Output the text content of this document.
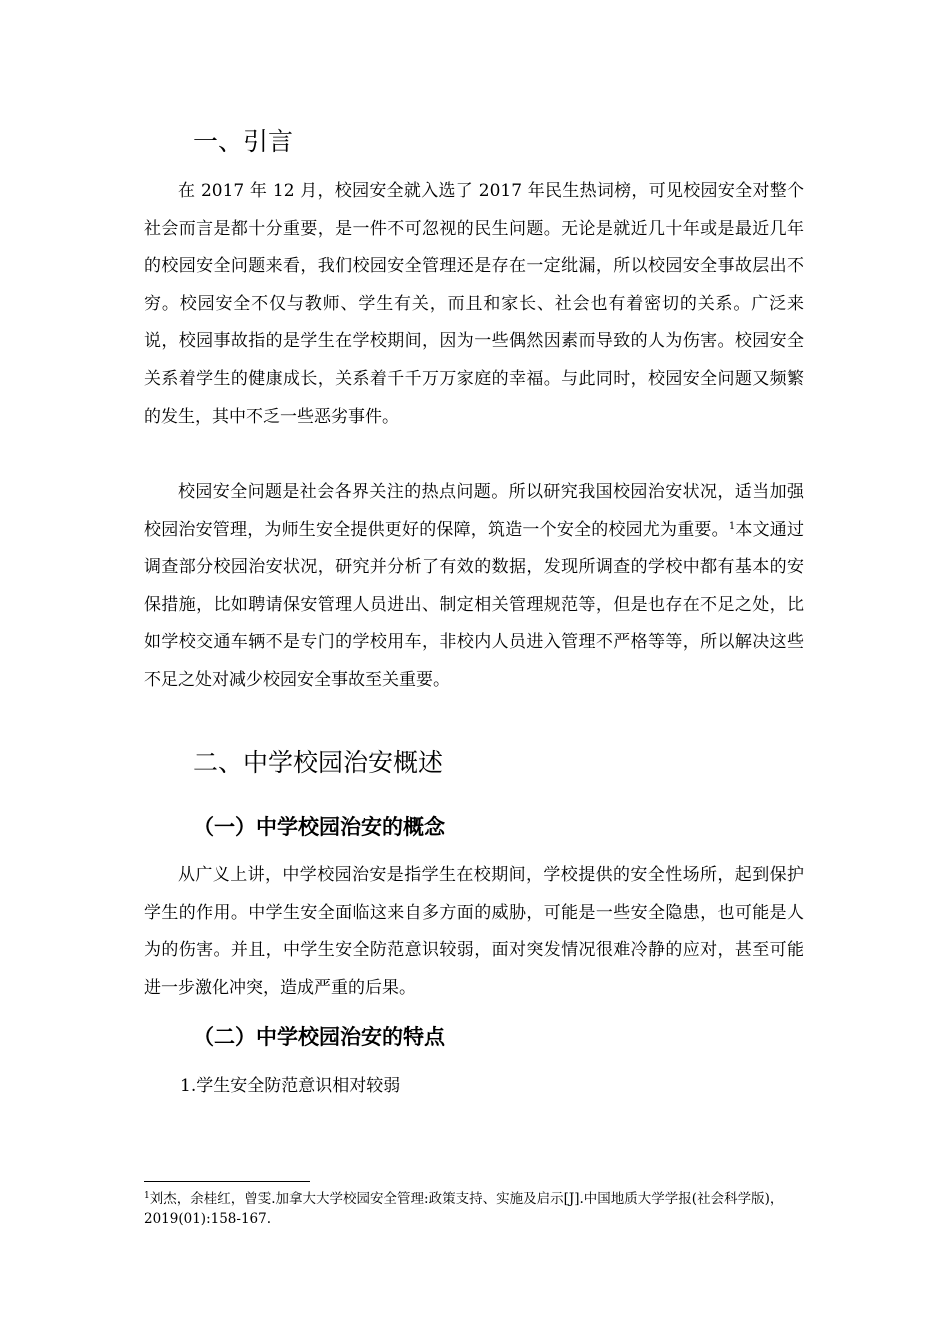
一、引言

在 2017 年 12 月，校园安全就入选了 2017 年民生热词榜，可见校园安全对整个社会而言是都十分重要，是一件不可忽视的民生问题。无论是就近几十年或是最近几年的校园安全问题来看，我们校园安全管理还是存在一定纰漏，所以校园安全事故层出不穷。校园安全不仅与教师、学生有关，而且和家长、社会也有着密切的关系。广泛来说，校园事故指的是学生在学校期间，因为一些偶然因素而导致的人为伤害。校园安全关系着学生的健康成长，关系着千千万万家庭的幸福。与此同时，校园安全问题又频繁的发生，其中不乏一些恶劣事件。

校园安全问题是社会各界关注的热点问题。所以研究我国校园治安状况，适当加强校园治安管理，为师生安全提供更好的保障，筑造一个安全的校园尤为重要。$^1$本文通过调查部分校园治安状况，研究并分析了有效的数据，发现所调查的学校中都有基本的安保措施，比如聘请保安管理人员进出、制定相关管理规范等，但是也存在不足之处，比如学校交通车辆不是专门的学校用车，非校内人员进入管理不严格等等，所以解决这些不足之处对减少校园安全事故至关重要。

二、中学校园治安概述
（一）中学校园治安的概念

从广义上讲，中学校园治安是指学生在校期间，学校提供的安全性场所，起到保护学生的作用。中学生安全面临这来自多方面的威胁，可能是一些安全隐患，也可能是人为的伤害。并且，中学生安全防范意识较弱，面对突发情况很难冷静的应对，甚至可能进一步激化冲突，造成严重的后果。

（二）中学校园治安的特点

1.学生安全防范意识相对较弱

$^1$刘杰，余桂红，曾雯.加拿大大学校园安全管理:政策支持、实施及启示[J].中国地质大学学报(社会科学版)，2019(01):158-167.
